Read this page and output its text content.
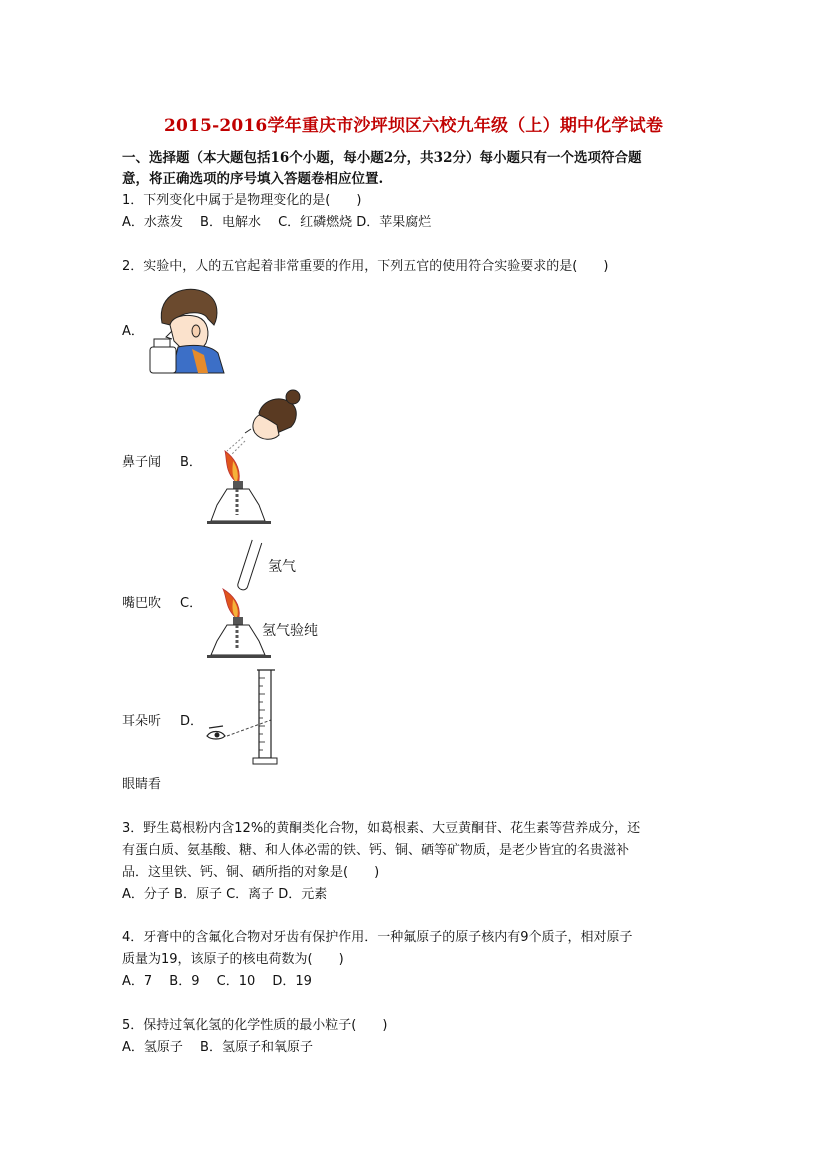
2015-2016学年重庆市沙坪坝区六校九年级（上）期中化学试卷
一、选择题（本大题包括16个小题，每小题2分，共32分）每小题只有一个选项符合题
意，将正确选项的序号填入答题卷相应位置.
1．下列变化中属于是物理变化的是(　　)
A．水蒸发　 B．电解水　 C．红磷燃烧 D．苹果腐烂
2．实验中，人的五官起着非常重要的作用，下列五官的使用符合实验要求的是(　　)
A．
鼻子闻 B．
嘴巴吹 C．
氢气
氢气验纯
耳朵听 D．
眼睛看
3．野生葛根粉内含12%的黄酮类化合物，如葛根素、大豆黄酮苷、花生素等营养成分，还
有蛋白质、氨基酸、糖、和人体必需的铁、钙、铜、硒等矿物质，是老少皆宜的名贵滋补
品．这里铁、钙、铜、硒所指的对象是(　　)
A．分子 B．原子 C．离子 D．元素
4．牙膏中的含氟化合物对牙齿有保护作用．一种氟原子的原子核内有9个质子，相对原子
质量为19，该原子的核电荷数为(　　)
A．7　 B．9　 C．10　 D．19
5．保持过氧化氢的化学性质的最小粒子(　　)
A．氢原子　 B．氢原子和氧原子
